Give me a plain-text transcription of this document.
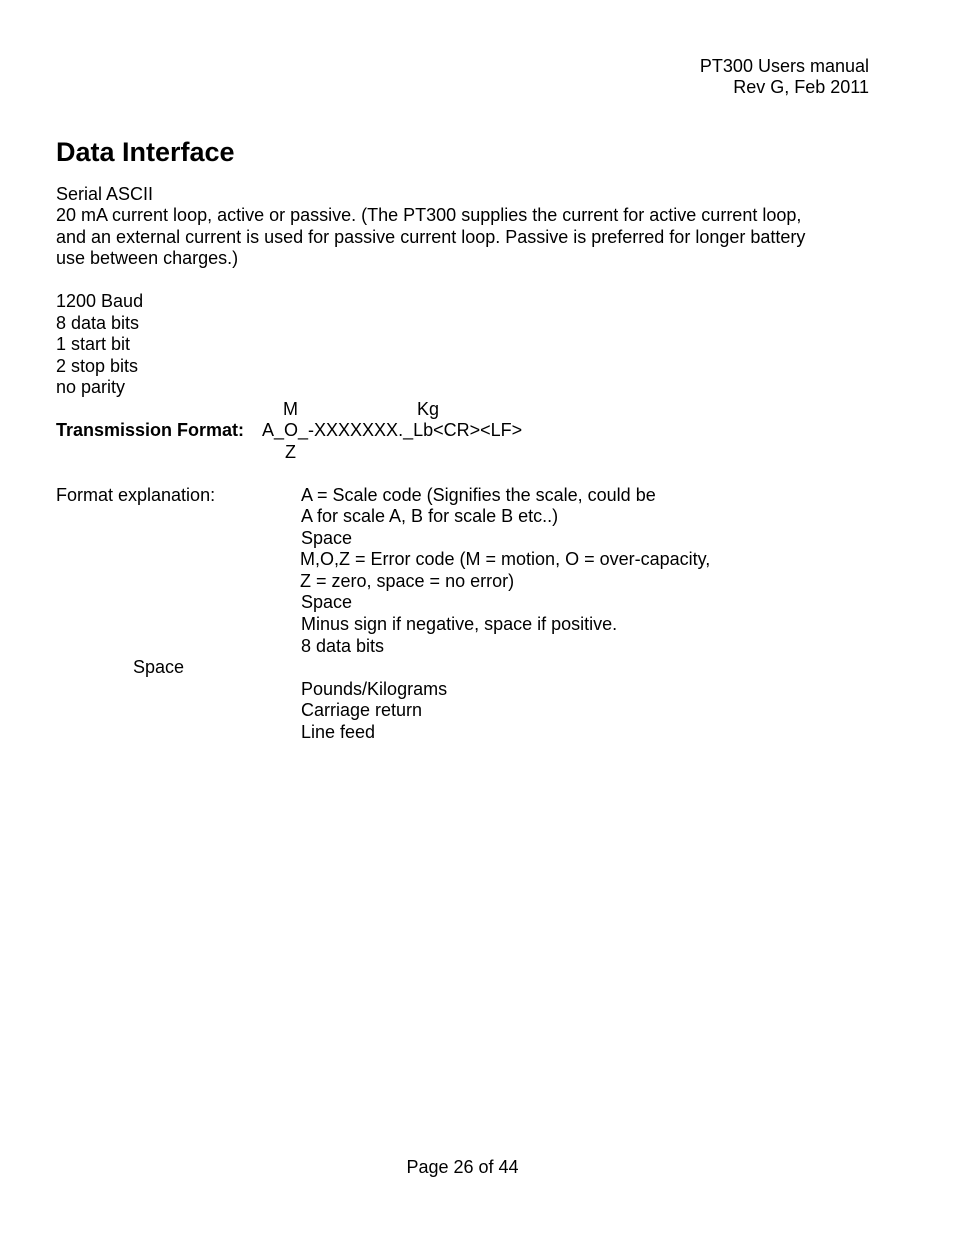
PT300 Users manual
Rev G, Feb 2011
Data Interface
Serial ASCII
20 mA current loop, active or passive. (The PT300 supplies the current for active current loop,
and an external current is used for passive current loop. Passive is preferred for longer battery
use between charges.)
1200 Baud
8 data bits
1 start bit
2 stop bits
no parity
M	Kg
Transmission Format: A_O_-XXXXXXX._Lb<CR><LF>
Z
Format explanation:	A = Scale code (Signifies the scale, could be
A for scale A, B for scale B etc..)
Space
M,O,Z = Error code (M = motion, O = over-capacity,
Z = zero, space = no error)
Space
Minus sign if negative, space if positive.
8 data bits
Space
Pounds/Kilograms
Carriage return
Line feed
Page 26 of 44
